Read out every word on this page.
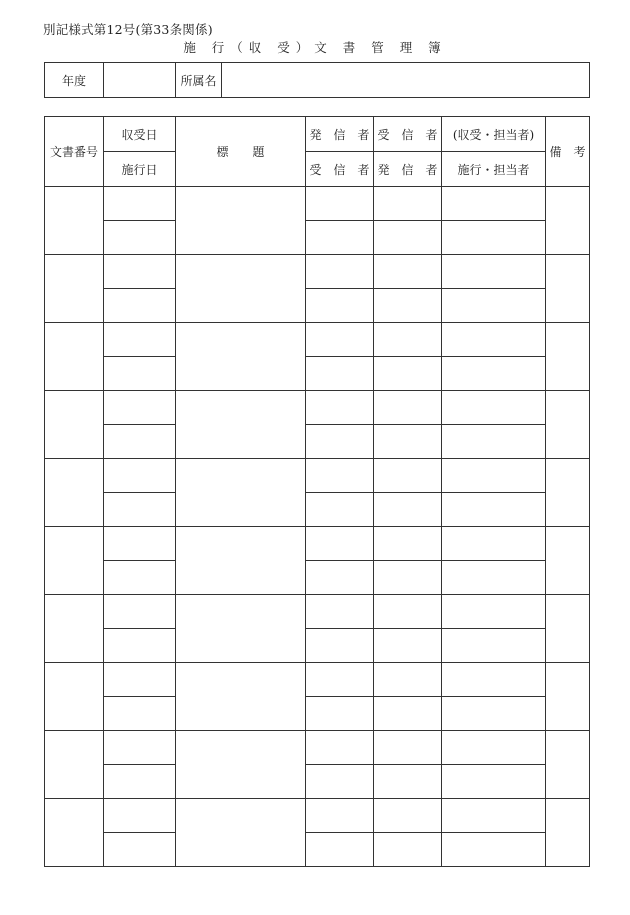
別記様式第12号(第33条関係)
施 行（収 受）文 書 管 理 簿
年度		所属名	
文書番号	収受日	標　　題	発　信　者	受　信　者	(収受・担当者)	備　考
	施行日		受　信　者	発　信　者	施行・担当者	
